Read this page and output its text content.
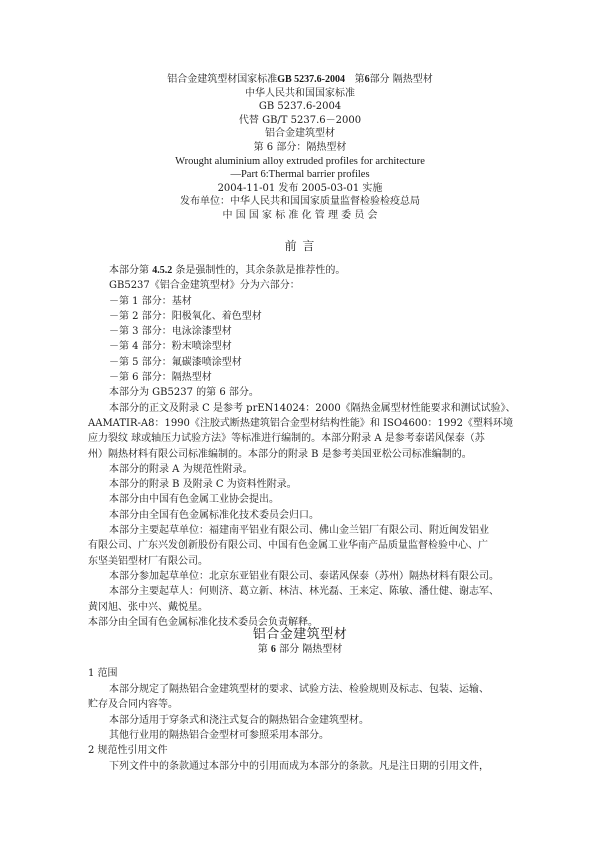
铝合金建筑型材国家标准GB 5237.6-2004 第6部分 隔热型材
中华人民共和国国家标准
GB 5237.6-2004
代替 GB/T 5237.6－2000
铝合金建筑型材
第 6 部分：隔热型材
Wrought aluminium alloy extruded profiles for architecture
—Part 6:Thermal barrier profiles
2004-11-01 发布 2005-03-01 实施
发布单位：中华人民共和国国家质量监督检验检疫总局
中 国 国 家 标 准 化 管 理 委 员 会
前 言

本部分第 4.5.2 条是强制性的，其余条款是推荐性的。

GB5237《铝合金建筑型材》分为六部分：

－第 1 部分：基材

－第 2 部分：阳极氧化、着色型材

－第 3 部分：电泳涂漆型材

－第 4 部分：粉末喷涂型材

－第 5 部分：氟碳漆喷涂型材

－第 6 部分：隔热型材

本部分为 GB5237 的第 6 部分。

本部分的正文及附录 C 是参考 prEN14024：2000《隔热金属型材性能要求和测试试验》、

AAMATIR-A8：1990《注胶式断热建筑铝合金型材结构性能》和 ISO4600：1992《塑料环境

应力裂纹 球或轴压力试验方法》等标准进行编制的。本部分附录 A 是参考泰诺风保泰（苏

州）隔热材料有限公司标准编制的。本部分的附录 B 是参考美国亚松公司标准编制的。

本部分的附录 A 为规范性附录。

本部分的附录 B 及附录 C 为资料性附录。

本部分由中国有色金属工业协会提出。

本部分由全国有色金属标准化技术委员会归口。

本部分主要起草单位：福建南平铝业有限公司、佛山金兰铝厂有限公司、附近闽发铝业

有限公司、广东兴发创新股份有限公司、中国有色金属工业华南产品质量监督检验中心、广

东坚美铝型材厂有限公司。

本部分参加起草单位：北京东亚铝业有限公司、泰诺风保泰（苏州）隔热材料有限公司。

本部分主要起草人：何则济、葛立新、林洁、林光磊、王来定、陈敏、潘仕健、谢志军、

黄冈旭、张中兴、戴悦星。

本部分由全国有色金属标准化技术委员会负责解释。

铝合金建筑型材
第 6 部分 隔热型材

1 范围

本部分规定了隔热铝合金建筑型材的要求、试验方法、检验规则及标志、包装、运输、

贮存及合同内容等。

本部分适用于穿条式和浇注式复合的隔热铝合金建筑型材。

其他行业用的隔热铝合金型材可参照采用本部分。

2 规范性引用文件

下列文件中的条款通过本部分中的引用而成为本部分的条款。凡是注日期的引用文件，
